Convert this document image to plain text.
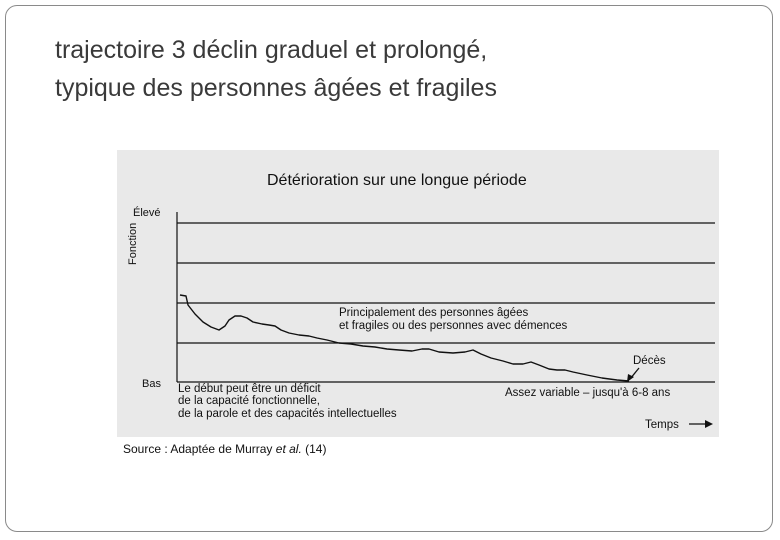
trajectoire 3 déclin graduel et prolongé,
typique des personnes âgées et fragiles
Détérioration sur une longue période
Fonction
Élevé
Bas
Principalement des personnes âgées
et fragiles ou des personnes avec démences
Décès
Assez variable – jusqu'à 6-8 ans
Le début peut être un déficit
de la capacité fonctionnelle,
de la parole et des capacités intellectuelles
Temps
Source : Adaptée de Murray et al. (14)
